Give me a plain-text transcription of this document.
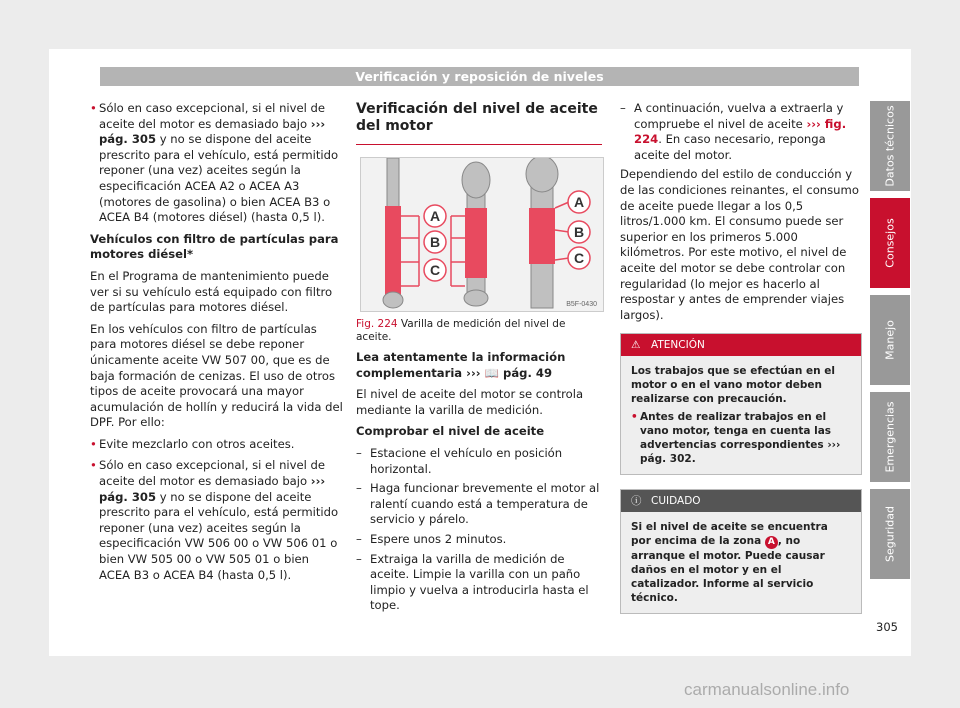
Verificación y reposición de niveles

• Sólo en caso excepcional, si el nivel de aceite del motor es demasiado bajo ››› pág. 305 y no se dispone del aceite prescrito para el vehículo, está permitido reponer (una vez) aceites según la especificación ACEA A2 o ACEA A3 (motores de gasolina) o bien ACEA B3 o ACEA B4 (motores diésel) (hasta 0,5 l).

Vehículos con filtro de partículas para motores diésel*

En el Programa de mantenimiento puede ver si su vehículo está equipado con filtro de partículas para motores diésel.

En los vehículos con filtro de partículas para motores diésel se debe reponer únicamente aceite VW 507 00, que es de baja formación de cenizas. El uso de otros tipos de aceite provocará una mayor acumulación de hollín y reducirá la vida del DPF. Por ello:

• Evite mezclarlo con otros aceites.

• Sólo en caso excepcional, si el nivel de aceite del motor es demasiado bajo ››› pág. 305 y no se dispone del aceite prescrito para el vehículo, está permitido reponer (una vez) aceites según la especificación VW 506 00 o VW 506 01 o bien VW 505 00 o VW 505 01 o bien ACEA B3 o ACEA B4 (hasta 0,5 l).

Verificación del nivel de aceite del motor
A
B
C
A
B
C
B5F-0430

Fig. 224 Varilla de medición del nivel de aceite.

Lea atentamente la información complementaria ››› 📖 pág. 49

El nivel de aceite del motor se controla mediante la varilla de medición.

Comprobar el nivel de aceite

– Estacione el vehículo en posición horizontal.

– Haga funcionar brevemente el motor al ralentí cuando está a temperatura de servicio y párelo.

– Espere unos 2 minutos.

– Extraiga la varilla de medición de aceite. Limpie la varilla con un paño limpio y vuelva a introducirla hasta el tope.

– A continuación, vuelva a extraerla y compruebe el nivel de aceite ››› fig. 224. En caso necesario, reponga aceite del motor.

Dependiendo del estilo de conducción y de las condiciones reinantes, el consumo de aceite puede llegar a los 0,5 litros/1.000 km. El consumo puede ser superior en los primeros 5.000 kilómetros. Por este motivo, el nivel de aceite del motor se debe controlar con regularidad (lo mejor es hacerlo al respostar y antes de emprender viajes largos).

⚠ ATENCIÓN
Los trabajos que se efectúan en el motor o en el vano motor deben realizarse con precaución.
• Antes de realizar trabajos en el vano motor, tenga en cuenta las advertencias correspondientes ››› pág. 302.
ⓘ CUIDADO
Si el nivel de aceite se encuentra por encima de la zona A , no arranque el motor. Puede causar daños en el motor y en el catalizador. Informe al servicio técnico.
Datos técnicos
Consejos
Manejo
Emergencias
Seguridad
305
carmanualsonline.info
